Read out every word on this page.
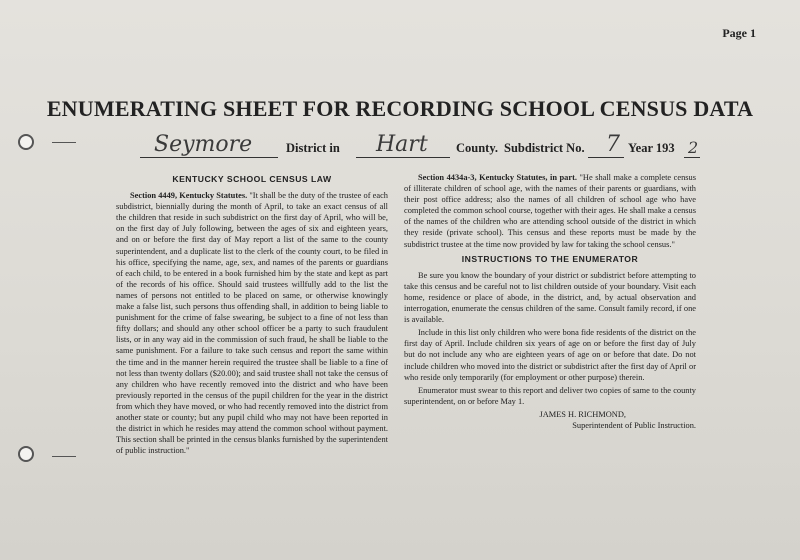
Page 1
ENUMERATING SHEET FOR RECORDING SCHOOL CENSUS DATA
Seymore	District in Hart County. Subdistrict No. 7 Year 193 2

KENTUCKY SCHOOL CENSUS LAW

Section 4449, Kentucky Statutes. "It shall be the duty of the trustee of each subdistrict, biennially during the month of April, to take an exact census of all the children that reside in such subdistrict on the first day of April, who will be, on the first day of July following, between the ages of six and eighteen years, and on or before the first day of May report a list of the same to the county superintendent, and a duplicate list to the clerk of the county court, to be filed in his office, specifying the name, age, sex, and names of the parents or guardians of each child, to be entered in a book furnished him by the state and kept as part of the records of his office. Should said trustees willfully add to the list the names of persons not entitled to be placed on same, or otherwise knowingly make a false list, such persons thus offending shall, in addition to being liable to punishment for the crime of false swearing, be subject to a fine of not less than fifty dollars; and should any other school officer be a party to such fraudulent lists, or in any way aid in the commission of such fraud, he shall be liable to the same punishment. For a failure to take such census and report the same within the time and in the manner herein required the trustee shall be liable to a fine of not less than twenty dollars ($20.00); and said trustee shall not take the census of any children who have recently removed into the district and who have been previously reported in the census of the pupil children for the year in the district from which they have moved, or who had recently removed into the district from another state or county; but any pupil child who may not have been reported in the district in which he resides may attend the common school without payment. This section shall be printed in the census blanks furnished by the superintendent of public instruction."

Section 4434a-3, Kentucky Statutes, in part. "He shall make a complete census of illiterate children of school age, with the names of their parents or guardians, with their post office address; also the names of all children of school age who have completed the common school course, together with their ages. He shall make a census of the names of the children who are attending school outside of the district in which they reside (private school). This census and these reports must be made by the subdistrict trustee at the time now provided by law for taking the school census."

INSTRUCTIONS TO THE ENUMERATOR

Be sure you know the boundary of your district or subdistrict before attempting to take this census and be careful not to list children outside of your boundary. Visit each home, residence or place of abode, in the district, and, by actual observation and interrogation, enumerate the census children of the same. Consult family record, if one is available.

Include in this list only children who were bona fide residents of the district on the first day of April. Include children six years of age on or before the first day of July but do not include any who are eighteen years of age on or before that date. Do not include children who moved into the district or subdistrict after the first day of April or who reside only temporarily (for employment or other purpose) therein.

Enumerator must swear to this report and deliver two copies of same to the county superintendent, on or before May 1.

JAMES H. RICHMOND,
Superintendent of Public Instruction.
